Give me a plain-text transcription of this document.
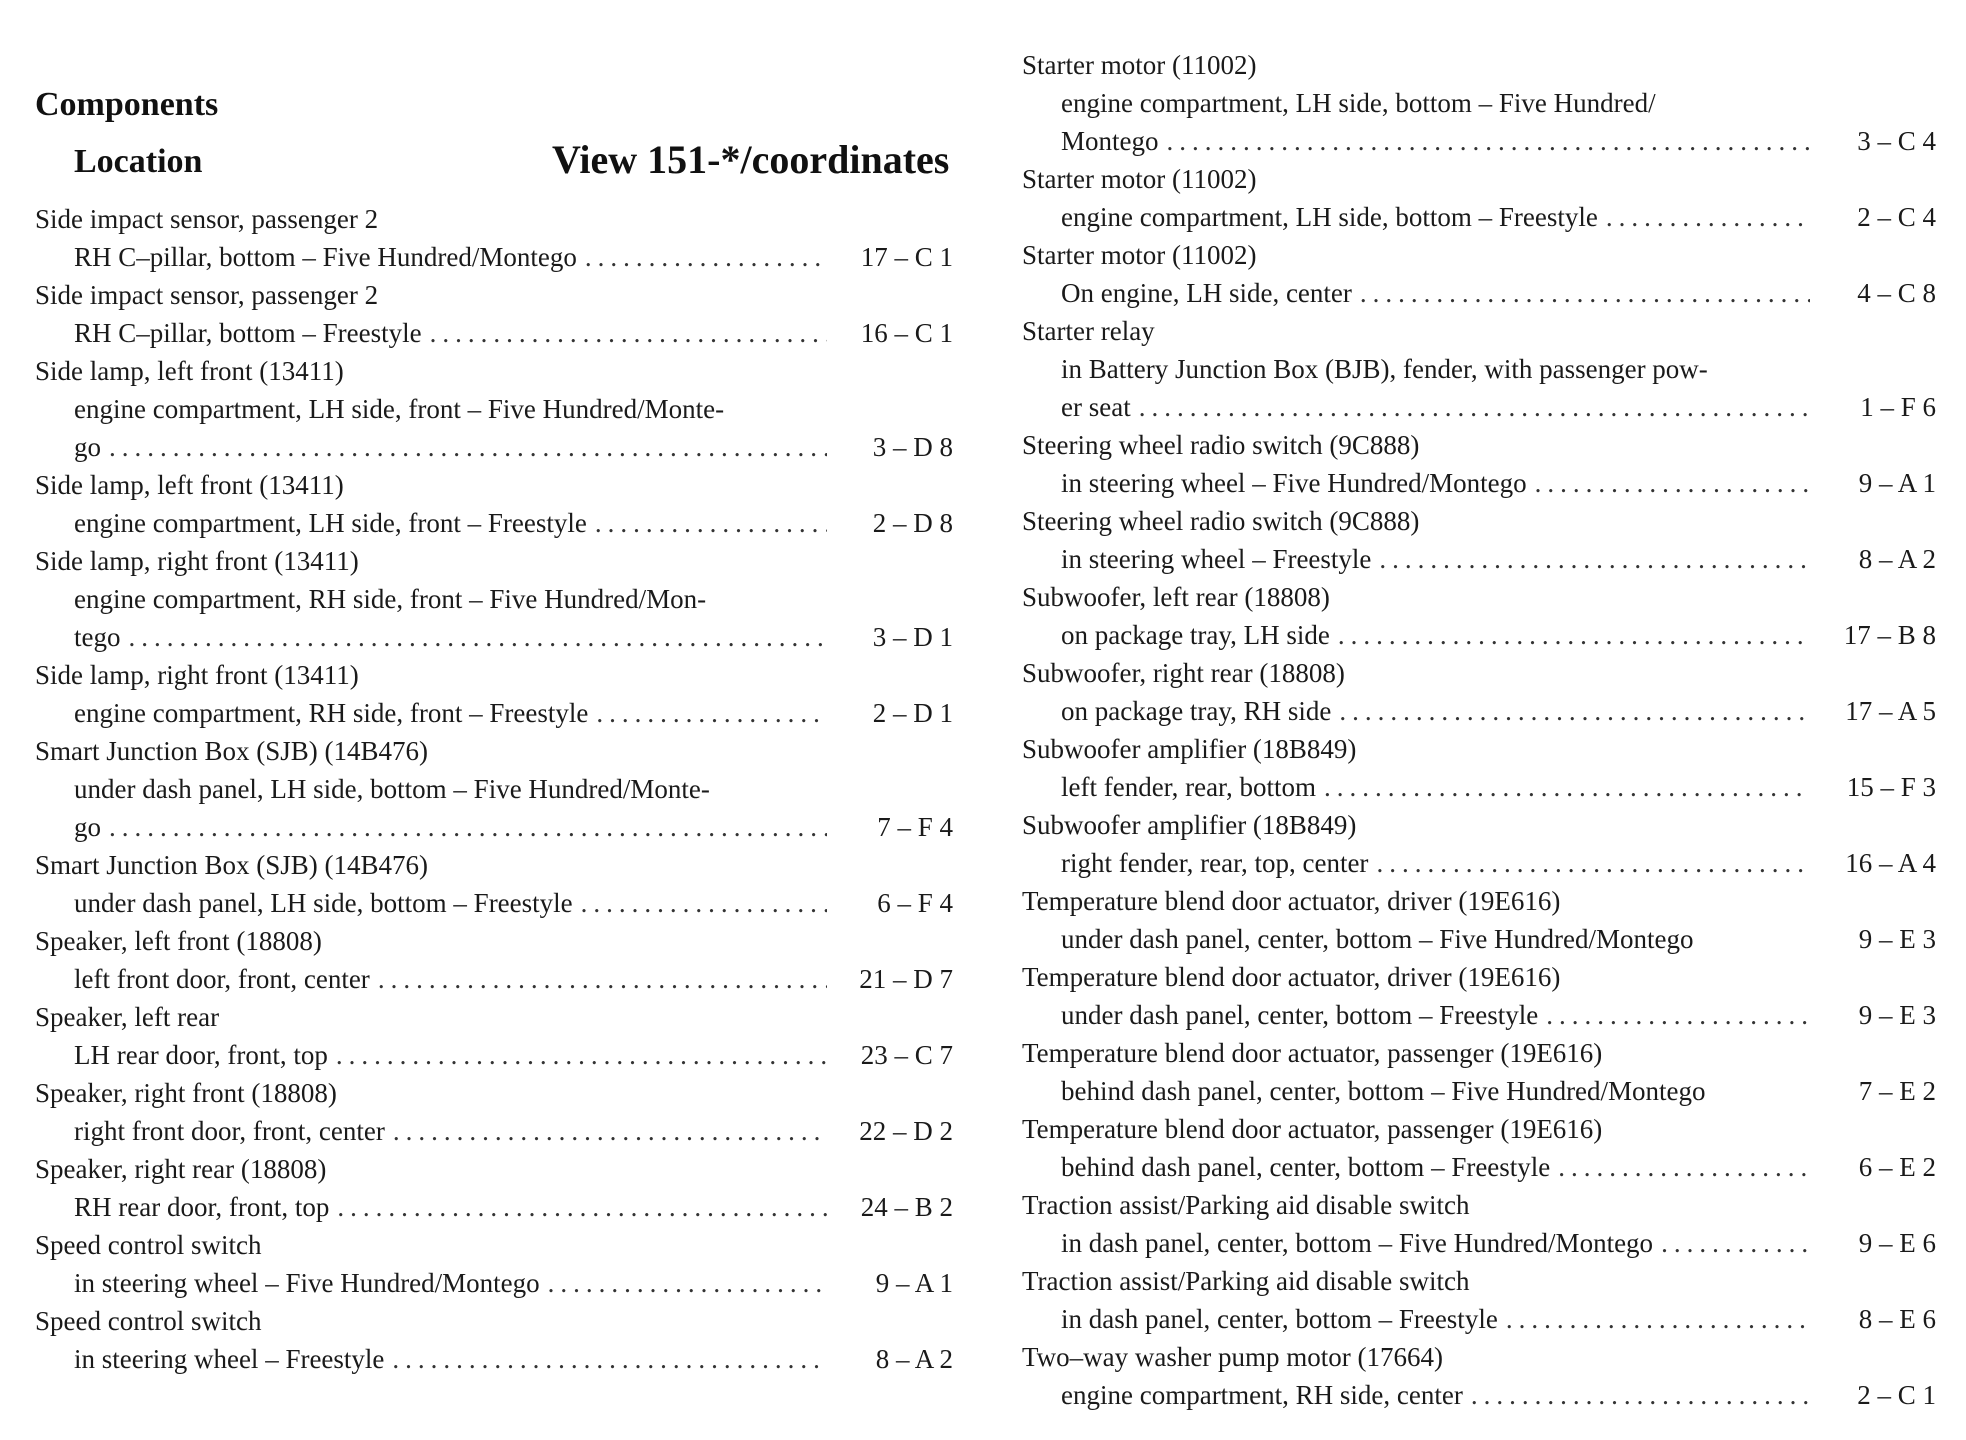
Components
Location	View 151-*/coordinates
Side impact sensor, passenger 2
RH C–pillar, bottom – Five Hundred/Montego .....	17 – C 1
Side impact sensor, passenger 2
RH C–pillar, bottom – Freestyle .....	16 – C 1
Side lamp, left front (13411)
engine compartment, LH side, front – Five Hundred/Monte-
go .....	3 – D 8
Side lamp, left front (13411)
engine compartment, LH side, front – Freestyle .....	2 – D 8
Side lamp, right front (13411)
engine compartment, RH side, front – Five Hundred/Mon-
tego .....	3 – D 1
Side lamp, right front (13411)
engine compartment, RH side, front – Freestyle .....	2 – D 1
Smart Junction Box (SJB) (14B476)
under dash panel, LH side, bottom – Five Hundred/Monte-
go .....	7 – F 4
Smart Junction Box (SJB) (14B476)
under dash panel, LH side, bottom – Freestyle .....	6 – F 4
Speaker, left front (18808)
left front door, front, center .....	21 – D 7
Speaker, left rear
LH rear door, front, top .....	23 – C 7
Speaker, right front (18808)
right front door, front, center .....	22 – D 2
Speaker, right rear (18808)
RH rear door, front, top .....	24 – B 2
Speed control switch
in steering wheel – Five Hundred/Montego .....	9 – A 1
Speed control switch
in steering wheel – Freestyle .....	8 – A 2
Starter motor (11002)
engine compartment, LH side, bottom – Five Hundred/
Montego .....	3 – C 4
Starter motor (11002)
engine compartment, LH side, bottom – Freestyle .....	2 – C 4
Starter motor (11002)
On engine, LH side, center .....	4 – C 8
Starter relay
in Battery Junction Box (BJB), fender, with passenger pow-
er seat .....	1 – F 6
Steering wheel radio switch (9C888)
in steering wheel – Five Hundred/Montego .....	9 – A 1
Steering wheel radio switch (9C888)
in steering wheel – Freestyle .....	8 – A 2
Subwoofer, left rear (18808)
on package tray, LH side .....	17 – B 8
Subwoofer, right rear (18808)
on package tray, RH side .....	17 – A 5
Subwoofer amplifier (18B849)
left fender, rear, bottom .....	15 – F 3
Subwoofer amplifier (18B849)
right fender, rear, top, center .....	16 – A 4
Temperature blend door actuator, driver (19E616)
under dash panel, center, bottom – Five Hundred/Montego	9 – E 3
Temperature blend door actuator, driver (19E616)
under dash panel, center, bottom – Freestyle .....	9 – E 3
Temperature blend door actuator, passenger (19E616)
behind dash panel, center, bottom – Five Hundred/Montego	7 – E 2
Temperature blend door actuator, passenger (19E616)
behind dash panel, center, bottom – Freestyle .....	6 – E 2
Traction assist/Parking aid disable switch
in dash panel, center, bottom – Five Hundred/Montego .....	9 – E 6
Traction assist/Parking aid disable switch
in dash panel, center, bottom – Freestyle .....	8 – E 6
Two–way washer pump motor (17664)
engine compartment, RH side, center .....	2 – C 1
